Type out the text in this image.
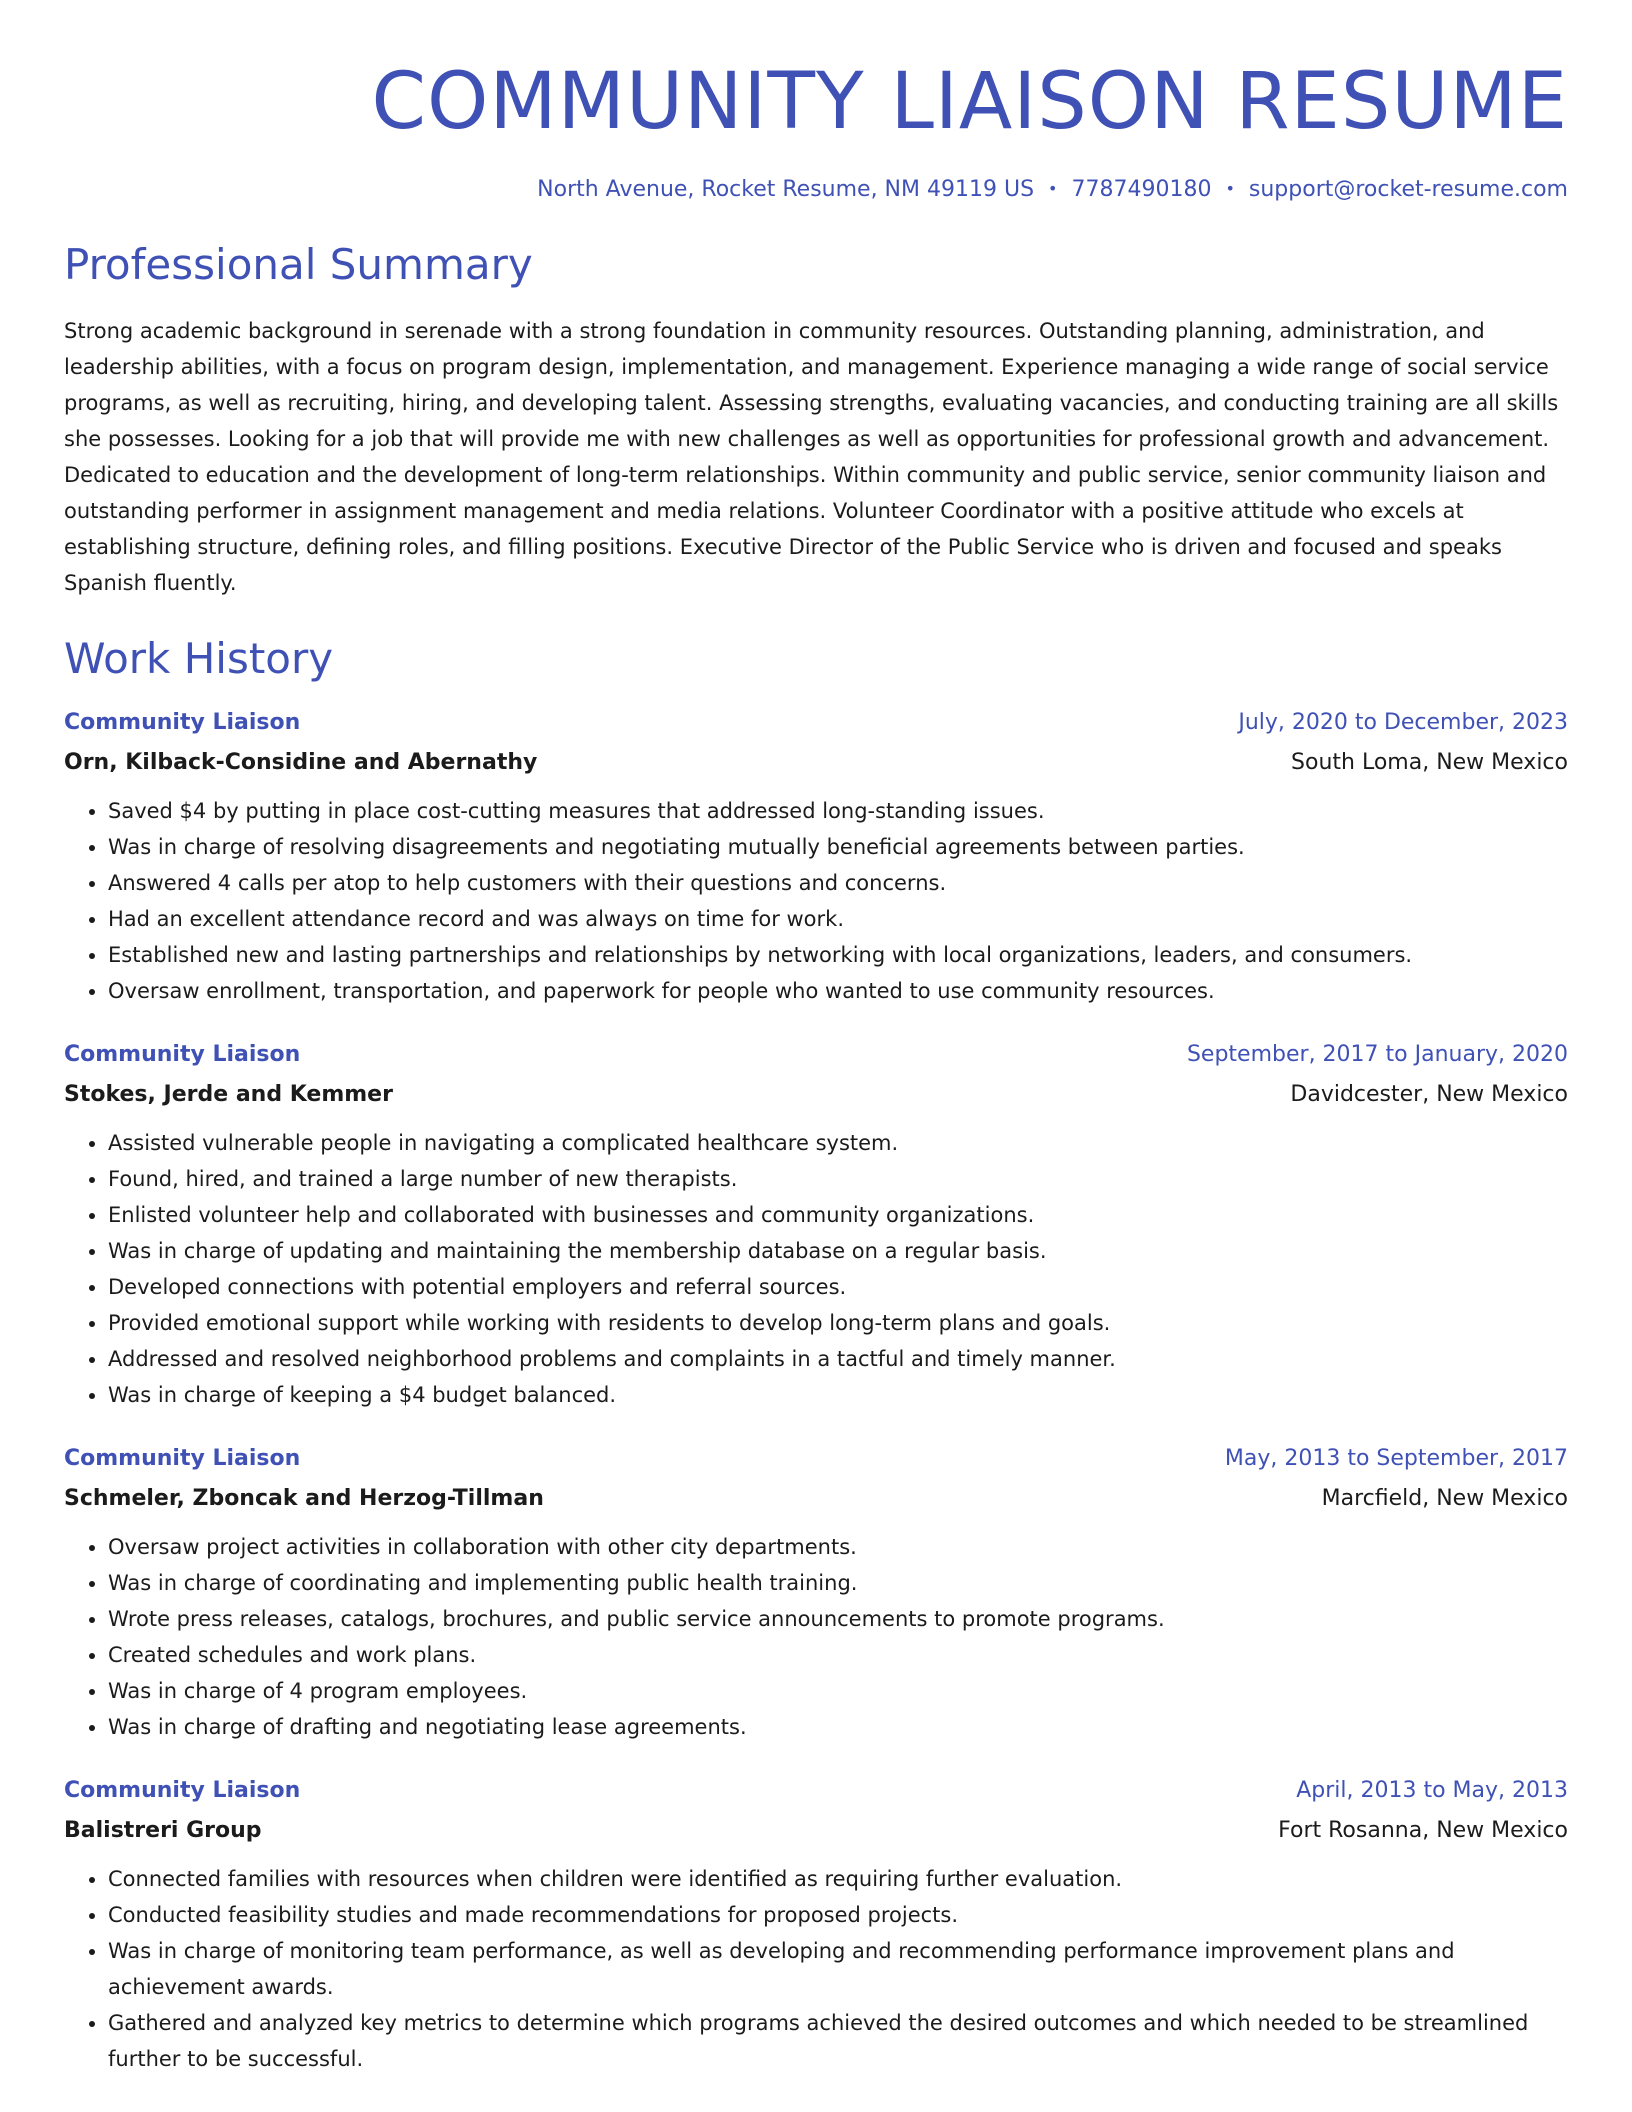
COMMUNITY LIAISON RESUME
North Avenue, Rocket Resume, NM 49119 US • 7787490180 • support@rocket-resume.com
Professional Summary

Strong academic background in serenade with a strong foundation in community resources. Outstanding planning, administration, and leadership abilities, with a focus on program design, implementation, and management. Experience managing a wide range of social service programs, as well as recruiting, hiring, and developing talent. Assessing strengths, evaluating vacancies, and conducting training are all skills she possesses. Looking for a job that will provide me with new challenges as well as opportunities for professional growth and advancement. Dedicated to education and the development of long-term relationships. Within community and public service, senior community liaison and outstanding performer in assignment management and media relations. Volunteer Coordinator with a positive attitude who excels at establishing structure, defining roles, and filling positions. Executive Director of the Public Service who is driven and focused and speaks Spanish fluently.

Work History
Community Liaison	July, 2020 to December, 2023
Orn, Kilback-Considine and Abernathy	South Loma, New Mexico
• Saved $4 by putting in place cost-cutting measures that addressed long-standing issues.
• Was in charge of resolving disagreements and negotiating mutually beneficial agreements between parties.
• Answered 4 calls per atop to help customers with their questions and concerns.
• Had an excellent attendance record and was always on time for work.
• Established new and lasting partnerships and relationships by networking with local organizations, leaders, and consumers.
• Oversaw enrollment, transportation, and paperwork for people who wanted to use community resources.
Community Liaison	September, 2017 to January, 2020
Stokes, Jerde and Kemmer	Davidcester, New Mexico
• Assisted vulnerable people in navigating a complicated healthcare system.
• Found, hired, and trained a large number of new therapists.
• Enlisted volunteer help and collaborated with businesses and community organizations.
• Was in charge of updating and maintaining the membership database on a regular basis.
• Developed connections with potential employers and referral sources.
• Provided emotional support while working with residents to develop long-term plans and goals.
• Addressed and resolved neighborhood problems and complaints in a tactful and timely manner.
• Was in charge of keeping a $4 budget balanced.
Community Liaison	May, 2013 to September, 2017
Schmeler, Zboncak and Herzog-Tillman	Marcfield, New Mexico
• Oversaw project activities in collaboration with other city departments.
• Was in charge of coordinating and implementing public health training.
• Wrote press releases, catalogs, brochures, and public service announcements to promote programs.
• Created schedules and work plans.
• Was in charge of 4 program employees.
• Was in charge of drafting and negotiating lease agreements.
Community Liaison	April, 2013 to May, 2013
Balistreri Group	Fort Rosanna, New Mexico
• Connected families with resources when children were identified as requiring further evaluation.
• Conducted feasibility studies and made recommendations for proposed projects.
• Was in charge of monitoring team performance, as well as developing and recommending performance improvement plans and achievement awards.
• Gathered and analyzed key metrics to determine which programs achieved the desired outcomes and which needed to be streamlined further to be successful.
